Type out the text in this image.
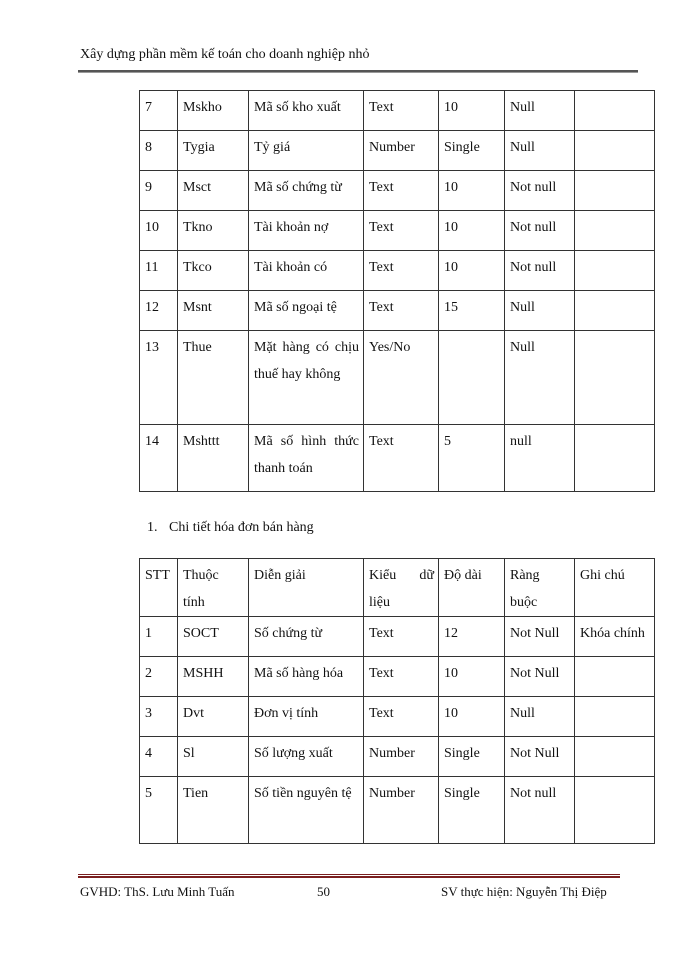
Xây dựng phần mềm kế toán cho doanh nghiệp nhỏ
7	Mskho	Mã số kho xuất	Text	10	Null	
8	Tygia	Tỷ giá	Number	Single	Null	
9	Msct	Mã số chứng từ	Text	10	Not null	
10	Tkno	Tài khoản nợ	Text	10	Not null	
11	Tkco	Tài khoản có	Text	10	Not null	
12	Msnt	Mã số ngoại tệ	Text	15	Null	
13	Thue	Mặt hàng có chịu thuế hay không	Yes/No		Null	
14	Mshttt	Mã số hình thức thanh toán	Text	5	null	
1. Chi tiết hóa đơn bán hàng
STT	Thuộc tính	Diễn giải	Kiểu dữ liệu	Độ dài	Ràng buộc	Ghi chú
1	SOCT	Số chứng từ	Text	12	Not Null	Khóa chính
2	MSHH	Mã số hàng hóa	Text	10	Not Null	
3	Dvt	Đơn vị tính	Text	10	Null	
4	Sl	Số lượng xuất	Number	Single	Not Null	
5	Tien	Số tiền nguyên tệ	Number	Single	Not null	
GVHD: ThS. Lưu Minh Tuấn	50	SV thực hiện: Nguyễn Thị Điệp
